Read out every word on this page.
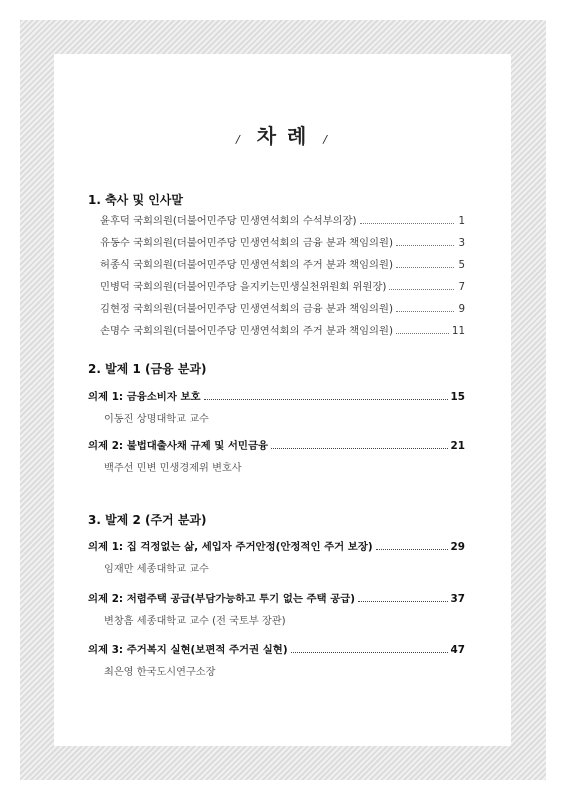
/ 차 례 /
1. 축사 및 인사말
윤후덕 국회의원(더불어민주당 민생연석회의 수석부의장)	1
유동수 국회의원(더불어민주당 민생연석회의 금융 분과 책임의원)	3
허종식 국회의원(더불어민주당 민생연석회의 주거 분과 책임의원)	5
민병덕 국회의원(더불어민주당 을지키는민생실천위원회 위원장)	7
김현정 국회의원(더불어민주당 민생연석회의 금융 분과 책임의원)	9
손명수 국회의원(더불어민주당 민생연석회의 주거 분과 책임의원)	11
2. 발제 1 (금융 분과)
의제 1: 금융소비자 보호	15
이동진 상명대학교 교수
의제 2: 불법대출사채 규제 및 서민금융	21
백주선 민변 민생경제위 변호사
3. 발제 2 (주거 분과)
의제 1: 집 걱정없는 삶, 세입자 주거안정(안정적인 주거 보장)	29
임재만 세종대학교 교수
의제 2: 저렴주택 공급(부담가능하고 투기 없는 주택 공급)	37
변창흠 세종대학교 교수 (전 국토부 장관)
의제 3: 주거복지 실현(보편적 주거권 실현)	47
최은영 한국도시연구소장
